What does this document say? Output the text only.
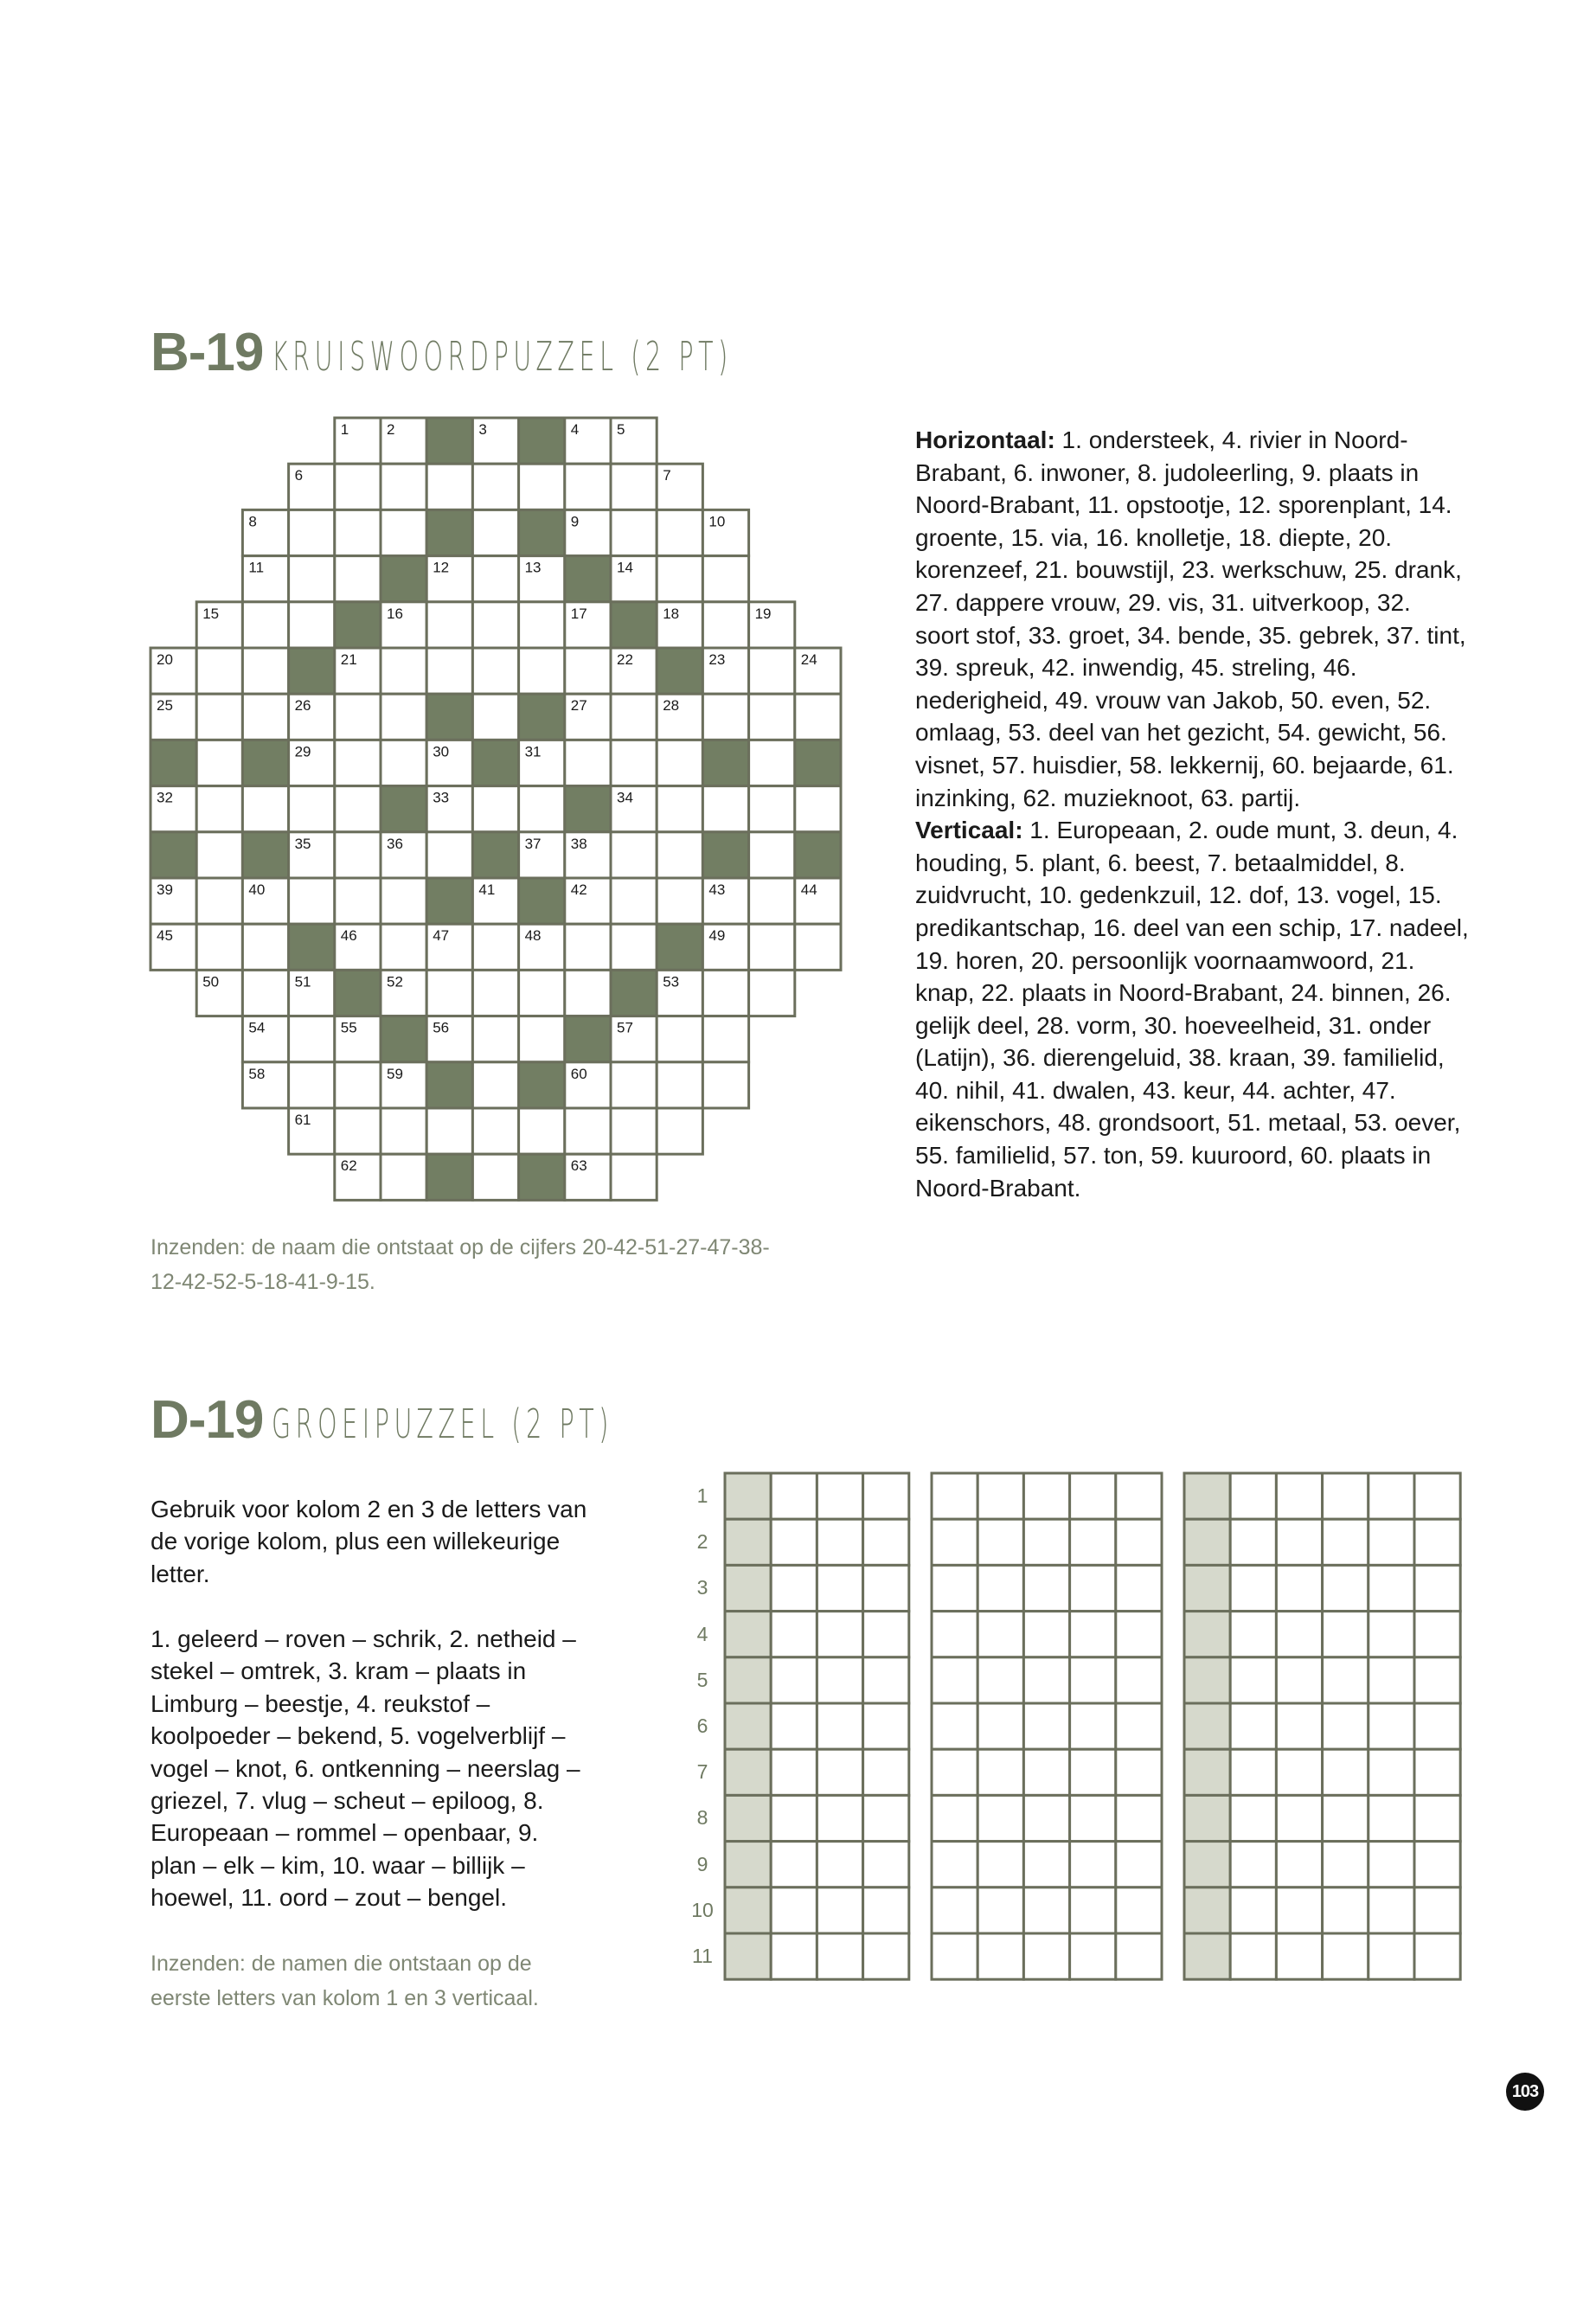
B-19 KRUISWOORDPUZZEL (2 PT)
1	2	3	4	5
6	7
8	9	10
11	12	13	14
15	16	17	18	19
20	21	22	23	24
25	26	27	28
29	30	31
32	33	34
35	36	37 38
39	40	41	42	43	44
45	46	47	48	49
50	51	52	53
54	55	56	57
58	59	60
61
62	63
Inzenden: de naam die ontstaat op de cijfers 20-42-51-27-47-38-12-42-52-5-18-41-9-15.

Horizontaal: 1. ondersteek, 4. rivier in Noord-Brabant, 6. inwoner, 8. judoleerling, 9. plaats in Noord-Brabant, 11. opstootje, 12. sporenplant, 14. groente, 15. via, 16. knolletje, 18. diepte, 20. korenzeef, 21. bouwstijl, 23. werkschuw, 25. drank, 27. dappere vrouw, 29. vis, 31. uitverkoop, 32. soort stof, 33. groet, 34. bende, 35. gebrek, 37. tint, 39. spreuk, 42. inwendig, 45. streling, 46. nederigheid, 49. vrouw van Jakob, 50. even, 52. omlaag, 53. deel van het gezicht, 54. gewicht, 56. visnet, 57. huisdier, 58. lekkernij, 60. bejaarde, 61. inzinking, 62. muzieknoot, 63. partij.

Verticaal: 1. Europeaan, 2. oude munt, 3. deun, 4. houding, 5. plant, 6. beest, 7. betaalmiddel, 8. zuidvrucht, 10. gedenkzuil, 12. dof, 13. vogel, 15. predikantschap, 16. deel van een schip, 17. nadeel, 19. horen, 20. persoonlijk voornaamwoord, 21. knap, 22. plaats in Noord-Brabant, 24. binnen, 26. gelijk deel, 28. vorm, 30. hoeveelheid, 31. onder (Latijn), 36. dierengeluid, 38. kraan, 39. familielid, 40. nihil, 41. dwalen, 43. keur, 44. achter, 47. eikenschors, 48. grondsoort, 51. metaal, 53. oever, 55. familielid, 57. ton, 59. kuuroord, 60. plaats in Noord-Brabant.

D-19 GROEIPUZZEL (2 PT)
Gebruik voor kolom 2 en 3 de letters van de vorige kolom, plus een willekeurige letter.
1. geleerd – roven – schrik, 2. netheid – stekel – omtrek, 3. kram – plaats in Limburg – beestje, 4. reukstof – koolpoeder – bekend, 5. vogelverblijf – vogel – knot, 6. ontkenning – neerslag – griezel, 7. vlug – scheut – epiloog, 8. Europeaan – rommel – openbaar, 9. plan – elk – kim, 10. waar – billijk – hoewel, 11. oord – zout – bengel.
Inzenden: de namen die ontstaan op de eerste letters van kolom 1 en 3 verticaal.
1
2
3
4
5
6
7
8
9
10
11
103
